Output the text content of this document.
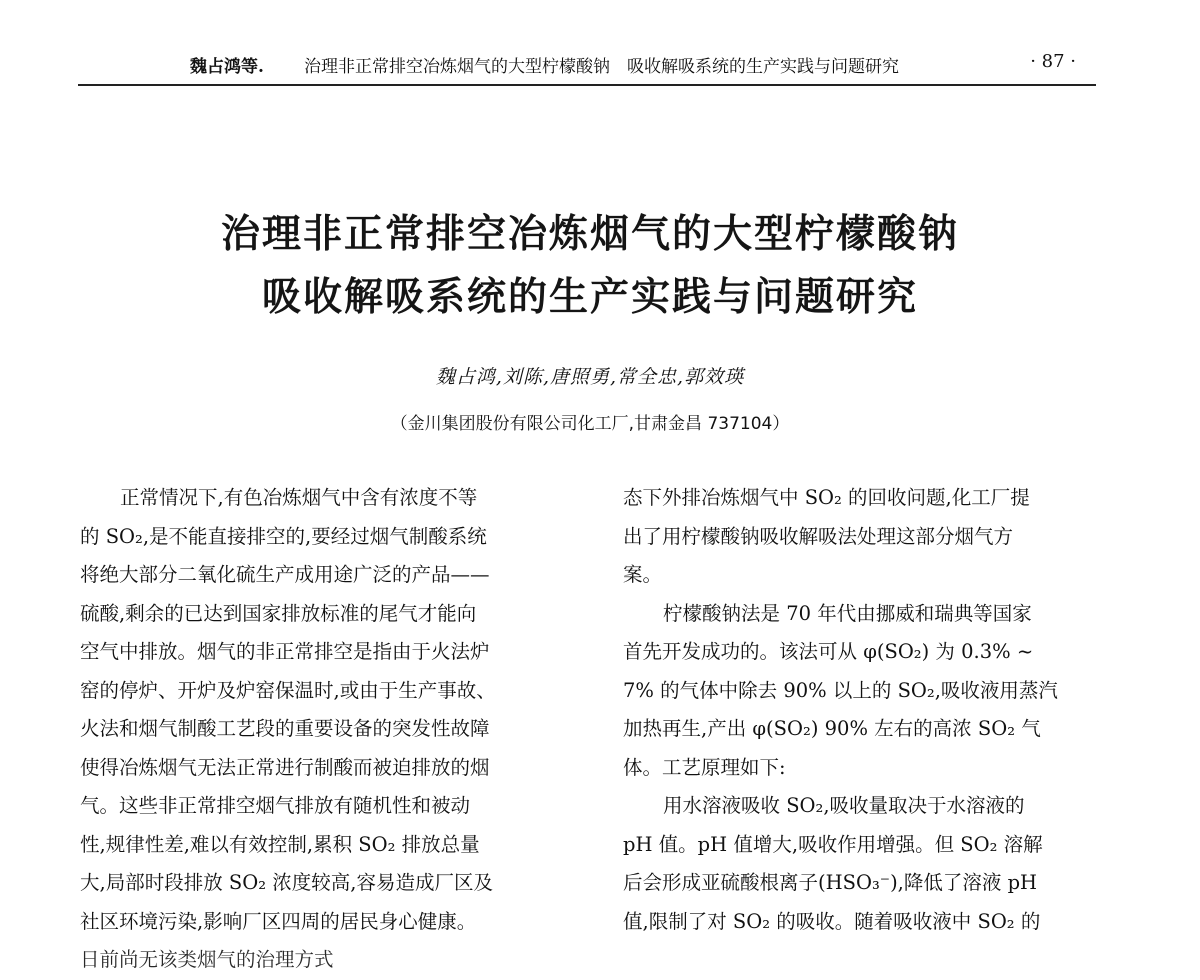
魏占鸿等. 治理非正常排空冶炼烟气的大型柠檬酸钠　吸收解吸系统的生产实践与问题研究	· 87 ·
治理非正常排空冶炼烟气的大型柠檬酸钠
吸收解吸系统的生产实践与问题研究
魏占鸿,刘陈,唐照勇,常全忠,郭效瑛
（金川集团股份有限公司化工厂,甘肃金昌 737104）
正常情况下,有色冶炼烟气中含有浓度不等
的 SO₂,是不能直接排空的,要经过烟气制酸系统
将绝大部分二氧化硫生产成用途广泛的产品——
硫酸,剩余的已达到国家排放标准的尾气才能向
空气中排放。烟气的非正常排空是指由于火法炉
窑的停炉、开炉及炉窑保温时,或由于生产事故、
火法和烟气制酸工艺段的重要设备的突发性故障
使得冶炼烟气无法正常进行制酸而被迫排放的烟
气。这些非正常排空烟气排放有随机性和被动
性,规律性差,难以有效控制,累积 SO₂ 排放总量
大,局部时段排放 SO₂ 浓度较高,容易造成厂区及
社区环境污染,影响厂区四周的居民身心健康。
日前尚无该类烟气的治理方式
态下外排冶炼烟气中 SO₂ 的回收问题,化工厂提
出了用柠檬酸钠吸收解吸法处理这部分烟气方
案。
柠檬酸钠法是 70 年代由挪威和瑞典等国家
首先开发成功的。该法可从 φ(SO₂) 为 0.3% ~
7% 的气体中除去 90% 以上的 SO₂,吸收液用蒸汽
加热再生,产出 φ(SO₂) 90% 左右的高浓 SO₂ 气
体。工艺原理如下:
用水溶液吸收 SO₂,吸收量取决于水溶液的
pH 值。pH 值增大,吸收作用增强。但 SO₂ 溶解
后会形成亚硫酸根离子(HSO₃⁻),降低了溶液 pH
值,限制了对 SO₂ 的吸收。随着吸收液中 SO₂ 的
